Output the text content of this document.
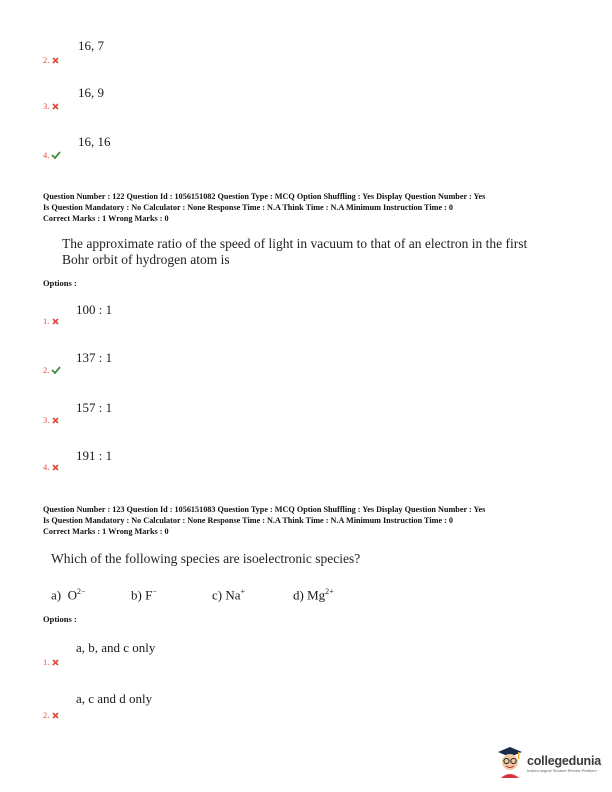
16, 7
2.
16, 9
3.
16, 16
4.
Question Number : 122 Question Id : 1056151082 Question Type : MCQ Option Shuffling : Yes Display Question Number : Yes
Is Question Mandatory : No Calculator : None Response Time : N.A Think Time : N.A Minimum Instruction Time : 0
Correct Marks : 1 Wrong Marks : 0
The approximate ratio of the speed of light in vacuum to that of an electron in the first
Bohr orbit of hydrogen atom is
Options :
100 : 1
1.
137 : 1
2.
157 : 1
3.
191 : 1
4.
Question Number : 123 Question Id : 1056151083 Question Type : MCQ Option Shuffling : Yes Display Question Number : Yes
Is Question Mandatory : No Calculator : None Response Time : N.A Think Time : N.A Minimum Instruction Time : 0
Correct Marks : 1 Wrong Marks : 0
Which of the following species are isoelectronic species?
a) $O^{2-}$	b) F−	c) Na+	d) $Mg^{2+}$
Options :
a, b, and c only
1.
a, c and d only
2.
collegedunia
India's largest Student Review Platform
